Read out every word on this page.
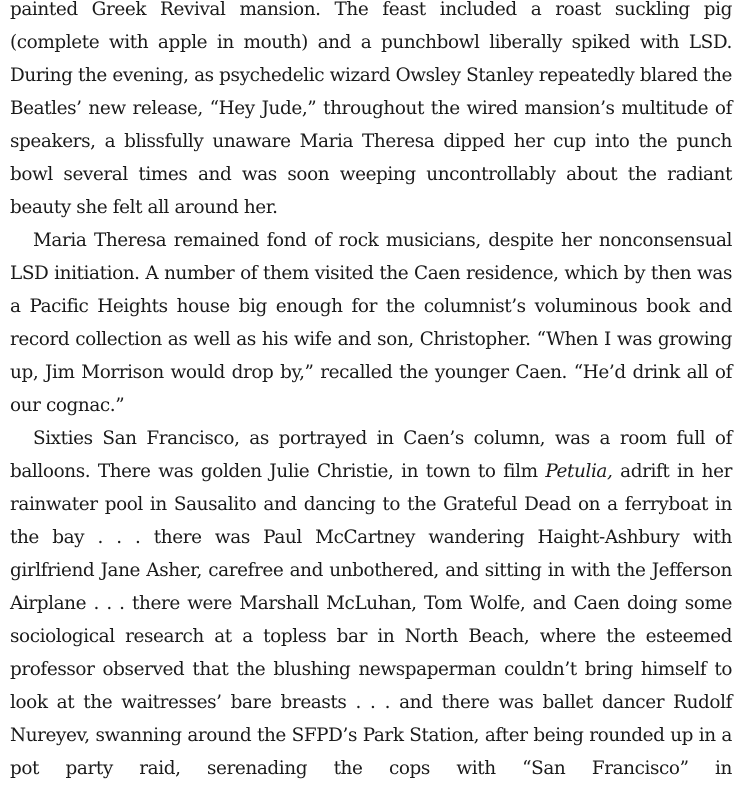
painted Greek Revival mansion. The feast included a roast suckling pig (complete with apple in mouth) and a punchbowl liberally spiked with LSD. During the evening, as psychedelic wizard Owsley Stanley repeatedly blared the Beatles’ new release, “Hey Jude,” throughout the wired mansion’s multitude of speakers, a blissfully unaware Maria Theresa dipped her cup into the punch bowl several times and was soon weeping uncontrollably about the radiant beauty she felt all around her.

Maria Theresa remained fond of rock musicians, despite her nonconsensual LSD initiation. A number of them visited the Caen residence, which by then was a Pacific Heights house big enough for the columnist’s voluminous book and record collection as well as his wife and son, Christopher. “When I was growing up, Jim Morrison would drop by,” recalled the younger Caen. “He’d drink all of our cognac.”

Sixties San Francisco, as portrayed in Caen’s column, was a room full of balloons. There was golden Julie Christie, in town to film Petulia, adrift in her rainwater pool in Sausalito and dancing to the Grateful Dead on a ferryboat in the bay . . . there was Paul McCartney wandering Haight-Ashbury with girlfriend Jane Asher, carefree and unbothered, and sitting in with the Jefferson Airplane . . . there were Marshall McLuhan, Tom Wolfe, and Caen doing some sociological research at a topless bar in North Beach, where the esteemed professor observed that the blushing newspaperman couldn’t bring himself to look at the waitresses’ bare breasts . . . and there was ballet dancer Rudolf Nureyev, swanning around the SFPD’s Park Station, after being rounded up in a pot party raid, serenading the cops with “San Francisco” in
